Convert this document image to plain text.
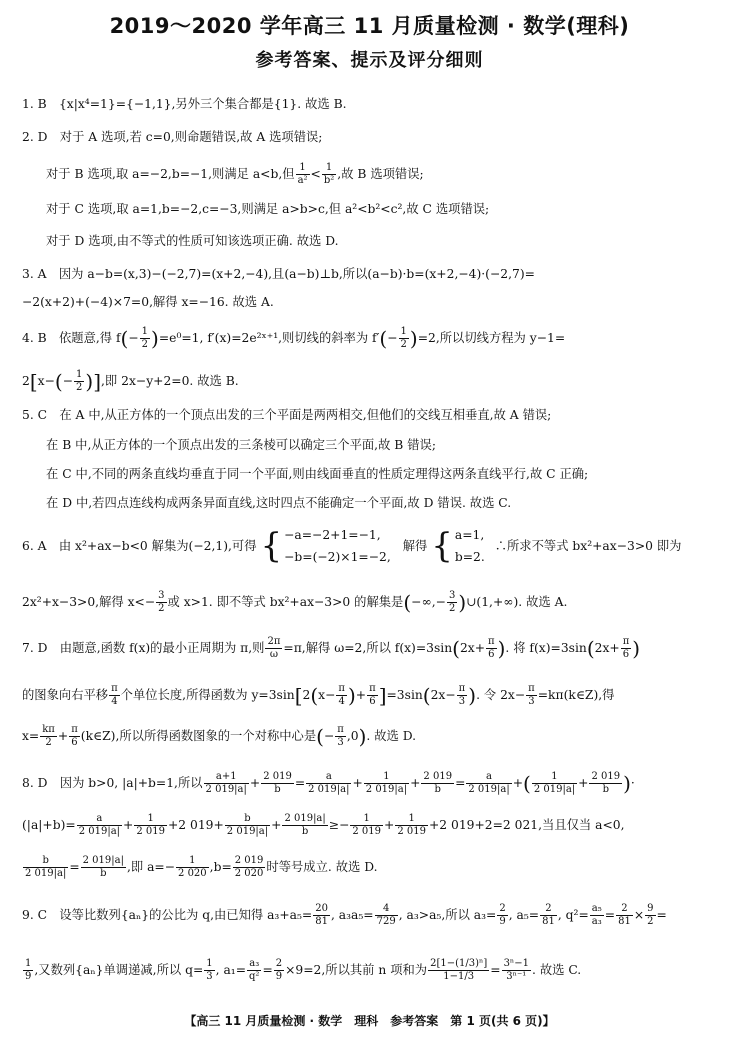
2019～2020 学年高三 11 月质量检测 · 数学(理科)
参考答案、提示及评分细则
1. B　{x|x⁴=1}={−1,1},另外三个集合都是{1}. 故选 B.
2. D　对于 A 选项,若 c=0,则命题错误,故 A 选项错误;
对于 B 选项,取 a=−2,b=−1,则满足 a<b,但 $\frac{1}{\text{a²}} < \frac{1}{\text{b²}}$ ,故 B 选项错误;
对于 C 选项,取 a=1,b=−2,c=−3,则满足 a>b>c,但 a²<b²<c²,故 C 选项错误;
对于 D 选项,由不等式的性质可知该选项正确. 故选 D.
3. A　因为 a−b=(x,3)−(−2,7)=(x+2,−4),且(a−b)⊥b,所以(a−b)·b=(x+2,−4)·(−2,7)=
−2(x+2)+(−4)×7=0,解得 x=−16. 故选 A.
4. B　依题意,得 $f(- \frac{1}{2} )=e^0=1$, f′(x)=2e²ˣ⁺¹,则切线的斜率为 $f'(- \frac{1}{2} )=2$,所以切线方程为 y−1=
$2[x-(- \frac{1}{2}$ )],即 2x−y+2=0. 故选 B.
5. C　在 A 中,从正方体的一个顶点出发的三个平面是两两相交,但他们的交线互相垂直,故 A 错误;
在 B 中,从正方体的一个顶点出发的三条棱可以确定三个平面,故 B 错误;
在 C 中,不同的两条直线均垂直于同一个平面,则由线面垂直的性质定理得这两条直线平行,故 C 正确;
在 D 中,若四点连线构成两条异面直线,这时四点不能确定一个平面,故 D 错误. 故选 C.
6. A　由 x²+ax−b<0 解集为(−2,1),可得 { −a=−2+1=−1,
−b=(−2)×1=−2,
解得 { a=1,
b=2.
∴所求不等式 bx²+ax−3>0 即为
2x²+x−3>0,解得 $x<- \frac{3}{2}$ 或 x>1. 即不等式 bx²+ax−3>0 的解集是(−∞,− $\frac{3}{2}$ )∪(1,+∞). 故选 A.
7. D　由题意,函数 f(x)的最小正周期为 π,则 $\frac{2\pi}{\omega} =\pi$,解得 ω=2,所以 $f(x)=3\sin(2x+ \frac{\pi}{6}$ ). 将 $f(x)=3\sin(2x+ \frac{\pi}{6}$ )
的图象向右平移 $\frac{\pi}{4}$ 个单位长度,所得函数为 $y=3\sin[2(x- \frac{\pi}{4}$ )+ $\frac{\pi}{6} ]=3\sin(2x- \frac{\pi}{3}$ ). 令 $2x- \frac{\pi}{3}$ =kπ(k∈Z),得
$x= \frac{k\pi}{2} + \frac{\pi}{6}$ (k∈Z),所以所得函数图象的一个对称中心是(− $\frac{\pi}{3} ,0$). 故选 D.
8. D　因为 b>0, |a|+b=1,所以 $\frac{a+1}{2 019|a|} + \frac{2 019}{b} = \frac{a}{2 019|a|} + \frac{1}{2 019|a|} + \frac{2 019}{b} = \frac{a}{2 019|a|}$ +( $\frac{1}{2 019|a|} + \frac{2 019}{b}$ )·
$(|a|+b)= \frac{a}{2 019|a|} + \frac{1}{2 019} +2$ $019+ \frac{b}{2 019|a|} + \frac{2 019|a|}{b} \ge- \frac{1}{2 019} + \frac{1}{2 019} +2$ 019+2=2 021,当且仅当 a<0,
$\frac{b}{2 019|a|} = \frac{2 019|a|}{b}$ ,即 $a=- \frac{1}{2 020} ,b= \frac{2 019}{2 020}$ 时等号成立. 故选 D.
9. C　设等比数列{aₙ}的公比为 q,由已知得 $a_3+a_5= \frac{20}{81}$ , $a_3a_5= \frac{4}{729}$ , a₃>a₅,所以 $a_3= \frac{2}{9}$ , $a_5= \frac{2}{81}$ , $q^2= \frac{\text{a₅}}{\text{a₃}} = \frac{2}{81} \times \frac{9}{2}$ =
$\frac{1}{9}$ ,又数列{aₙ}单调递减,所以 $q= \frac{1}{3}$ , $a_1= \frac{\text{a₃}}{\text{q²}} = \frac{2}{9} \times 9=2$,所以其前 n 项和为 $\frac{\text{2[1−(1/3)ⁿ]}}{1-1/3} = \frac{\text{3ⁿ−1}}{\text{3ⁿ⁻¹}}$ . 故选 C.
【高三 11 月质量检测 · 数学　理科　参考答案　第 1 页(共 6 页)】
